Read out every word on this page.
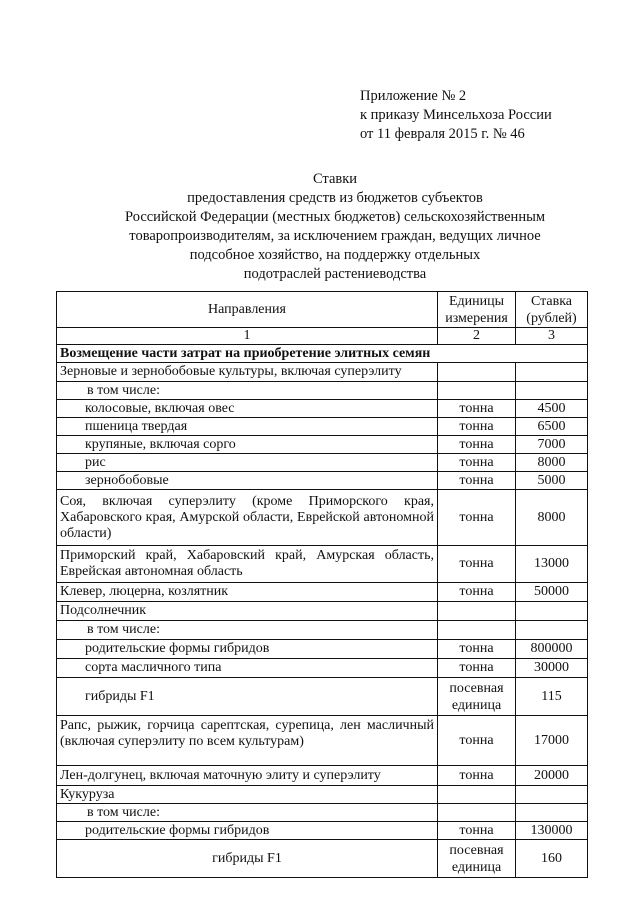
Приложение № 2
к приказу Минсельхоза России
от 11 февраля 2015 г. № 46
Ставки
предоставления средств из бюджетов субъектов
Российской Федерации (местных бюджетов) сельскохозяйственным
товаропроизводителям, за исключением граждан, ведущих личное
подсобное хозяйство, на поддержку отдельных
подотраслей растениеводства
Направления	Единицы измерения	Ставка (рублей)
1	2	3
Возмещение части затрат на приобретение элитных семян		
Зерновые и зернобобовые культуры, включая суперэлиту		
в том числе:		
колосовые, включая овес	тонна	4500
пшеница твердая	тонна	6500
крупяные, включая сорго	тонна	7000
рис	тонна	8000
зернобобовые	тонна	5000
Соя, включая суперэлиту (кроме Приморского края, Хабаровского края, Амурской области, Еврейской автономной области)	тонна	8000
Приморский край, Хабаровский край, Амурская область, Еврейская автономная область	тонна	13000
Клевер, люцерна, козлятник	тонна	50000
Подсолнечник		
в том числе:		
родительские формы гибридов	тонна	800000
сорта масличного типа	тонна	30000
гибриды F1	посевная единица	115
Рапс, рыжик, горчица сарептская, сурепица, лен масличный (включая суперэлиту по всем культурам)	тонна	17000
Лен-долгунец, включая маточную элиту и суперэлиту	тонна	20000
Кукуруза		
в том числе:		
родительские формы гибридов	тонна	130000
гибриды F1	посевная единица	160
